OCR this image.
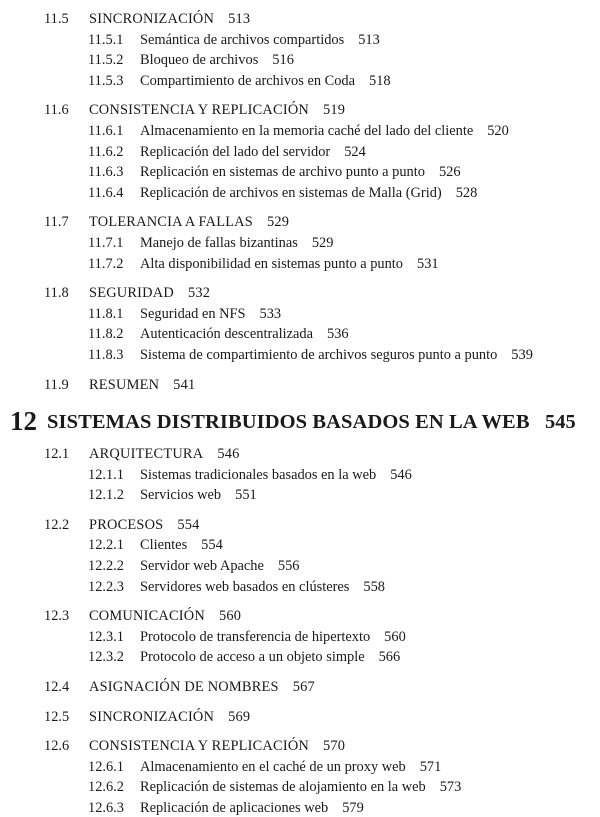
11.5 SINCRONIZACIÓN 513
11.5.1 Semántica de archivos compartidos 513
11.5.2 Bloqueo de archivos 516
11.5.3 Compartimiento de archivos en Coda 518
11.6 CONSISTENCIA Y REPLICACIÓN 519
11.6.1 Almacenamiento en la memoria caché del lado del cliente 520
11.6.2 Replicación del lado del servidor 524
11.6.3 Replicación en sistemas de archivo punto a punto 526
11.6.4 Replicación de archivos en sistemas de Malla (Grid) 528
11.7 TOLERANCIA A FALLAS 529
11.7.1 Manejo de fallas bizantinas 529
11.7.2 Alta disponibilidad en sistemas punto a punto 531
11.8 SEGURIDAD 532
11.8.1 Seguridad en NFS 533
11.8.2 Autenticación descentralizada 536
11.8.3 Sistema de compartimiento de archivos seguros punto a punto 539
11.9 RESUMEN 541
12 SISTEMAS DISTRIBUIDOS BASADOS EN LA WEB 545
12.1 ARQUITECTURA 546
12.1.1 Sistemas tradicionales basados en la web 546
12.1.2 Servicios web 551
12.2 PROCESOS 554
12.2.1 Clientes 554
12.2.2 Servidor web Apache 556
12.2.3 Servidores web basados en clústeres 558
12.3 COMUNICACIÓN 560
12.3.1 Protocolo de transferencia de hipertexto 560
12.3.2 Protocolo de acceso a un objeto simple 566
12.4 ASIGNACIÓN DE NOMBRES 567
12.5 SINCRONIZACIÓN 569
12.6 CONSISTENCIA Y REPLICACIÓN 570
12.6.1 Almacenamiento en el caché de un proxy web 571
12.6.2 Replicación de sistemas de alojamiento en la web 573
12.6.3 Replicación de aplicaciones web 579
